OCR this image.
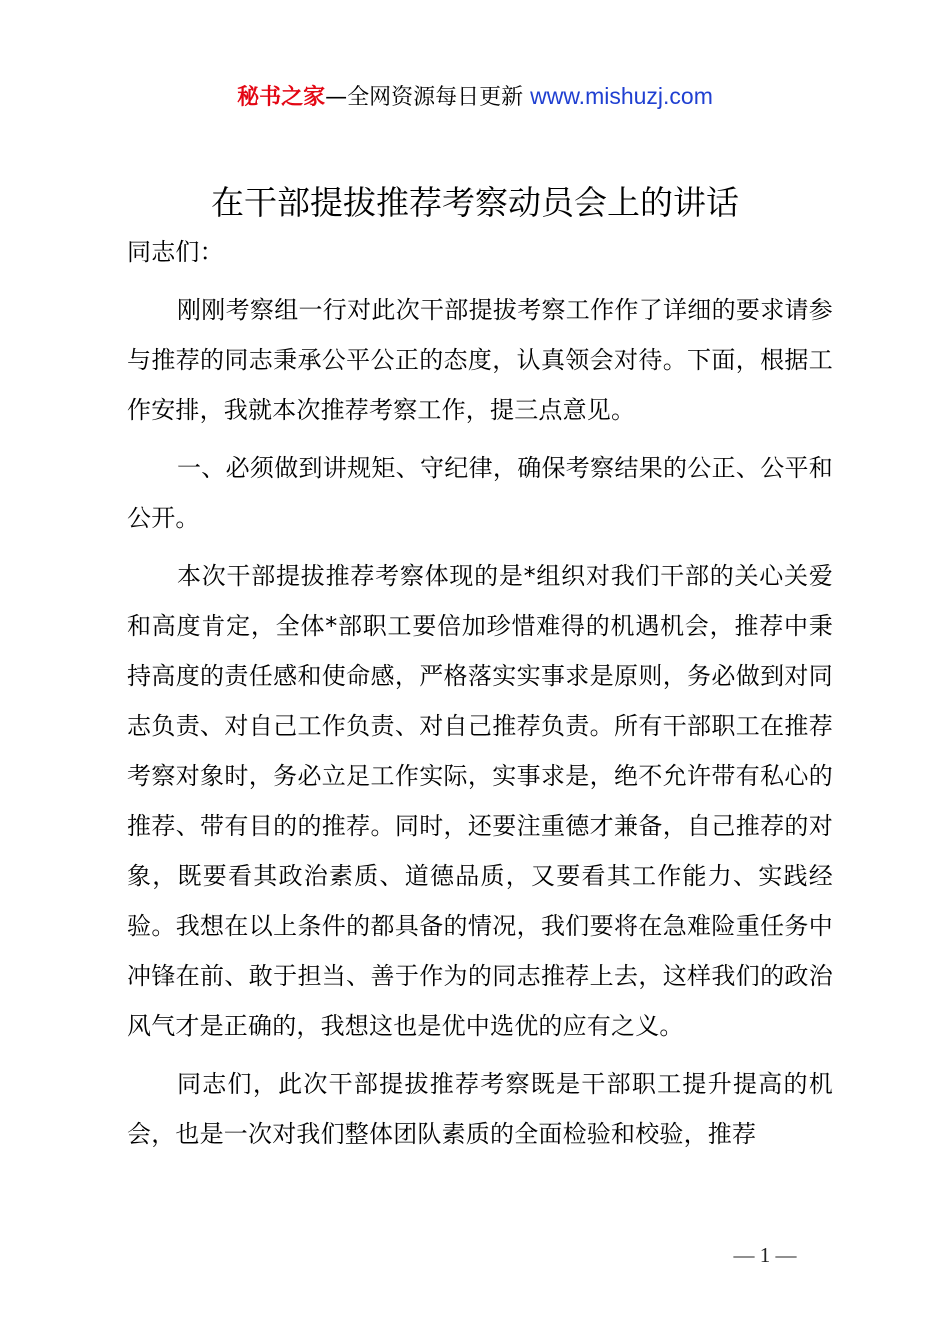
秘书之家—全网资源每日更新 www.mishuzj.com
在干部提拔推荐考察动员会上的讲话

同志们：

刚刚考察组一行对此次干部提拔考察工作作了详细的要求请参与推荐的同志秉承公平公正的态度，认真领会对待。下面，根据工作安排，我就本次推荐考察工作，提三点意见。

一、必须做到讲规矩、守纪律，确保考察结果的公正、公平和公开。

本次干部提拔推荐考察体现的是*组织对我们干部的关心关爱和高度肯定，全体*部职工要倍加珍惜难得的机遇机会，推荐中秉持高度的责任感和使命感，严格落实实事求是原则，务必做到对同志负责、对自己工作负责、对自己推荐负责。所有干部职工在推荐考察对象时，务必立足工作实际，实事求是，绝不允许带有私心的推荐、带有目的的推荐。同时，还要注重德才兼备，自己推荐的对象，既要看其政治素质、道德品质，又要看其工作能力、实践经验。我想在以上条件的都具备的情况，我们要将在急难险重任务中冲锋在前、敢于担当、善于作为的同志推荐上去，这样我们的政治风气才是正确的，我想这也是优中选优的应有之义。

同志们，此次干部提拔推荐考察既是干部职工提升提高的机会，也是一次对我们整体团队素质的全面检验和校验，推荐

— 1 —
